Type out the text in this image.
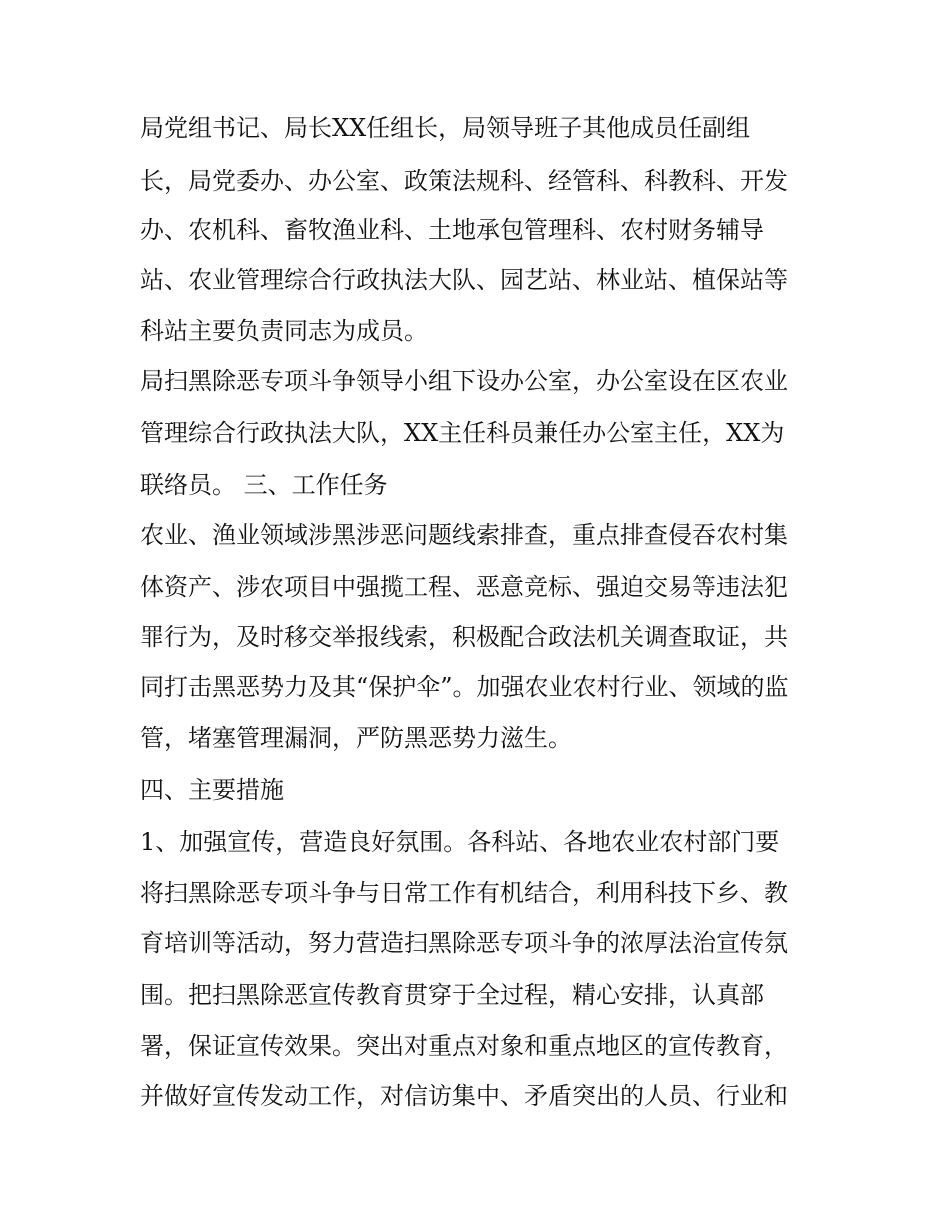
局党组书记、局长XX任组长，局领导班子其他成员任副组
长，局党委办、办公室、政策法规科、经管科、科教科、开发
办、农机科、畜牧渔业科、土地承包管理科、农村财务辅导
站、农业管理综合行政执法大队、园艺站、林业站、植保站等
科站主要负责同志为成员。
局扫黑除恶专项斗争领导小组下设办公室，办公室设在区农业
管理综合行政执法大队，XX主任科员兼任办公室主任，XX为
联络员。 三、工作任务
农业、渔业领域涉黑涉恶问题线索排查，重点排查侵吞农村集
体资产、涉农项目中强揽工程、恶意竞标、强迫交易等违法犯
罪行为，及时移交举报线索，积极配合政法机关调查取证，共
同打击黑恶势力及其“保护伞”。加强农业农村行业、领域的监
管，堵塞管理漏洞，严防黑恶势力滋生。
四、主要措施
1、加强宣传，营造良好氛围。各科站、各地农业农村部门要
将扫黑除恶专项斗争与日常工作有机结合，利用科技下乡、教
育培训等活动，努力营造扫黑除恶专项斗争的浓厚法治宣传氛
围。把扫黑除恶宣传教育贯穿于全过程，精心安排，认真部
署，保证宣传效果。突出对重点对象和重点地区的宣传教育，
并做好宣传发动工作，对信访集中、矛盾突出的人员、行业和
